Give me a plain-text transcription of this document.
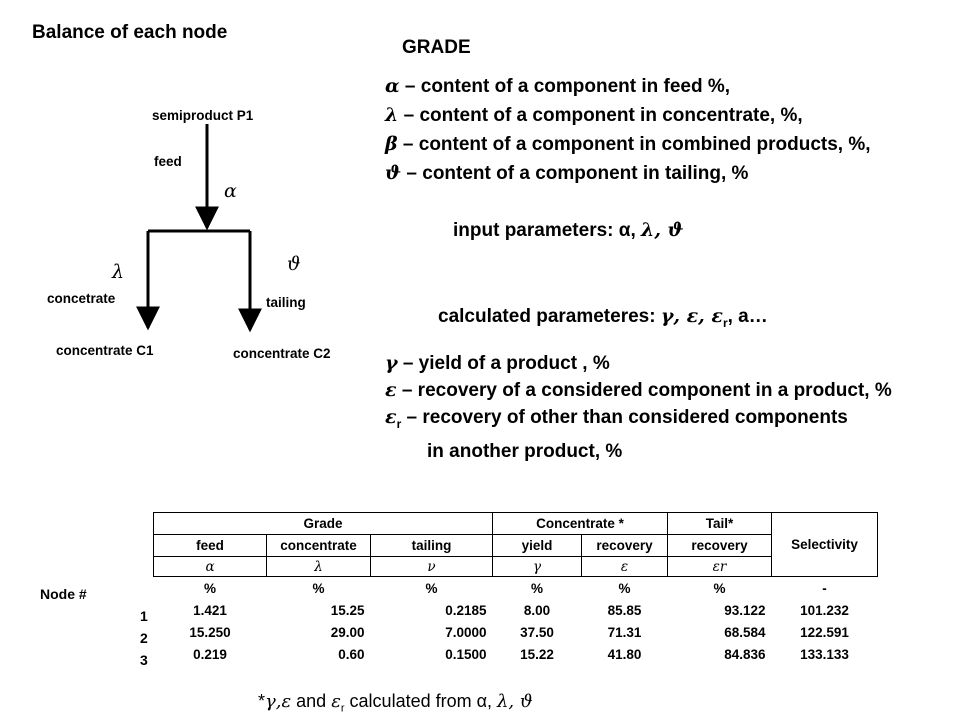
Balance of each node
GRADE
α – content of a component in feed %,
λ – content of a component in concentrate, %,
β – content of a component in combined products, %,
ϑ – content of a component in tailing, %
input parameters: α, λ, ϑ
calculated parameteres: γ, ε, $\varepsilon_r$, a…
γ – yield of a product , %
ε – recovery of a considered component in a product, %
$\varepsilon_r$ – recovery of other than considered components
in another product, %
semiproduct P1
feed
α
λ	ϑ
concetrate	tailing
concentrate C1	concentrate C2
Node #
1
2
3
Grade			Concentrate *		Tail*	Selectivity
feed	concentrate	tailing	yield	recovery	recovery	
α	λ	ν	γ	ε	εr	
%	%	%	%	%	%	-
1.421	15.25	0.2185	8.00	85.85	93.122	101.232
15.250	29.00	7.0000	37.50	71.31	68.584	122.591
0.219	0.60	0.1500	15.22	41.80	84.836	133.133
*γ,ε and $\varepsilon_r$ calculated from α, λ, ϑ
